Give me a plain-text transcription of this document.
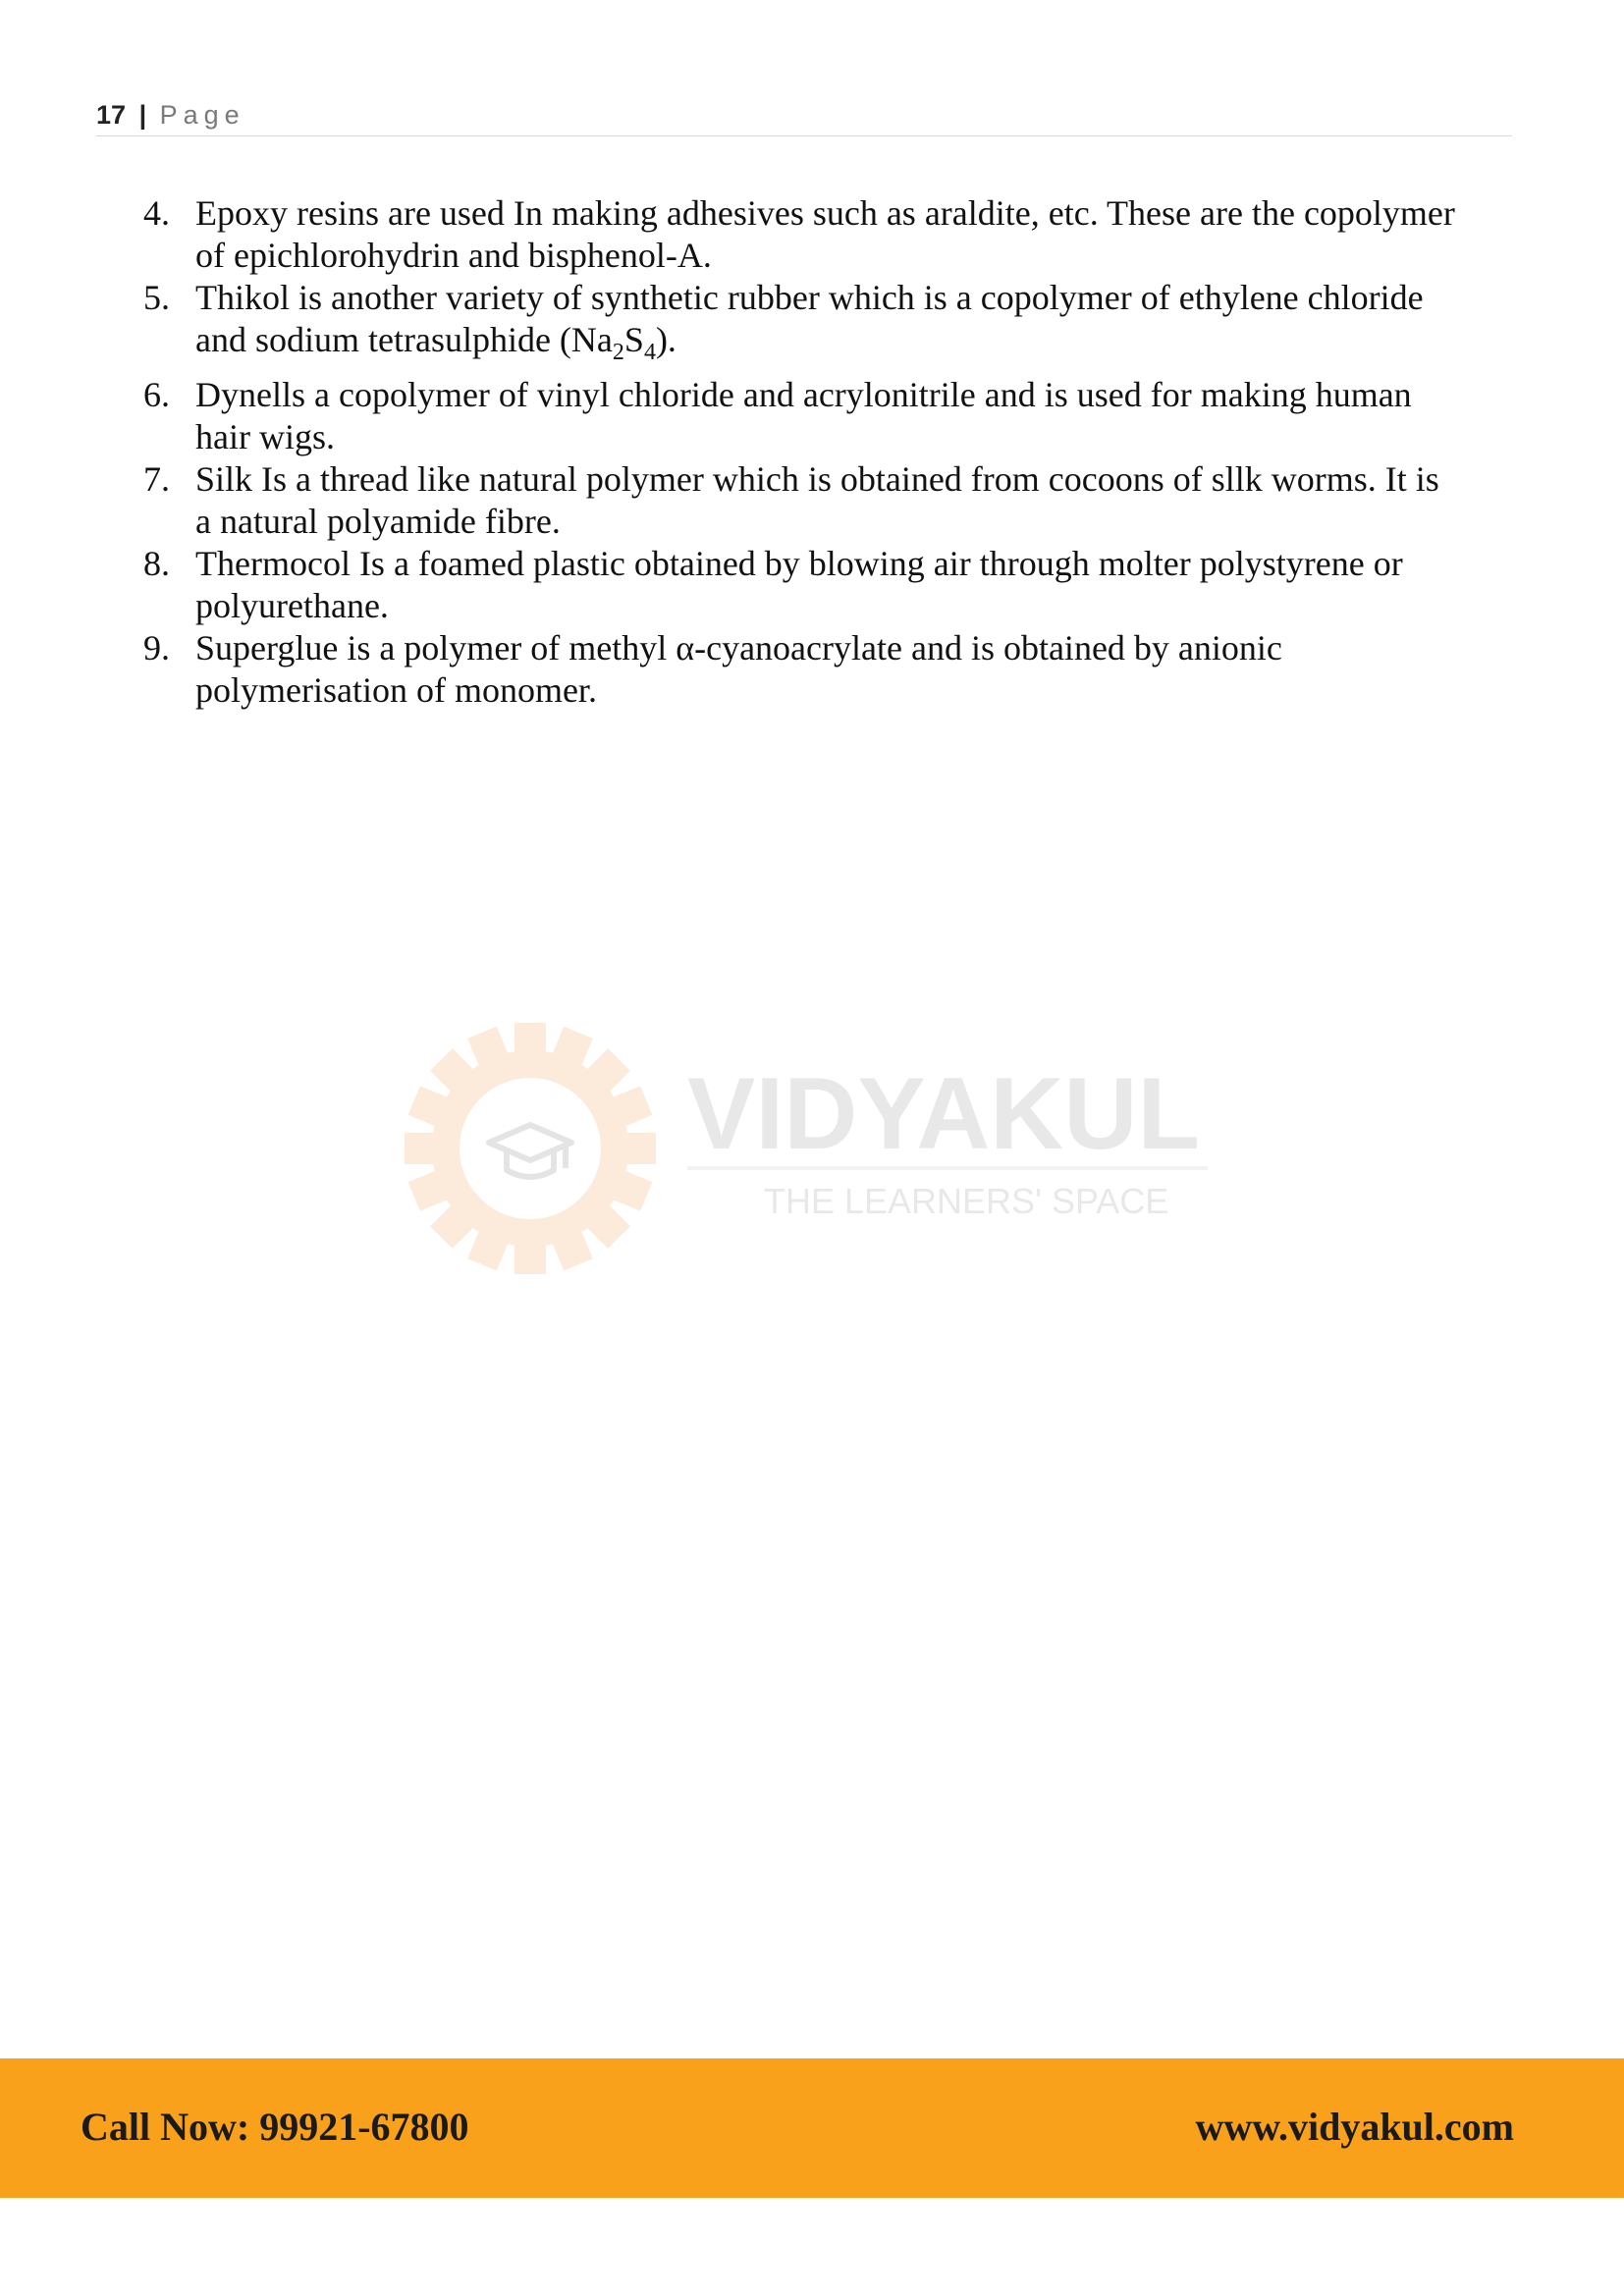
17 | Page
4. Epoxy resins are used In making adhesives such as araldite, etc. These are the copolymer
of epichlorohydrin and bisphenol-A.
5. Thikol is another variety of synthetic rubber which is a copolymer of ethylene chloride
and sodium tetrasulphide $(Na_2S_4)$.
6. Dynells a copolymer of vinyl chloride and acrylonitrile and is used for making human
hair wigs.
7. Silk Is a thread like natural polymer which is obtained from cocoons of sllk worms. It is
a natural polyamide fibre.
8. Thermocol Is a foamed plastic obtained by blowing air through molter polystyrene or
polyurethane.
9. Superglue is a polymer of methyl α-cyanoacrylate and is obtained by anionic
polymerisation of monomer.
VIDYAKUL
THE LEARNERS' SPACE
Call Now: 99921-67800	www.vidyakul.com
